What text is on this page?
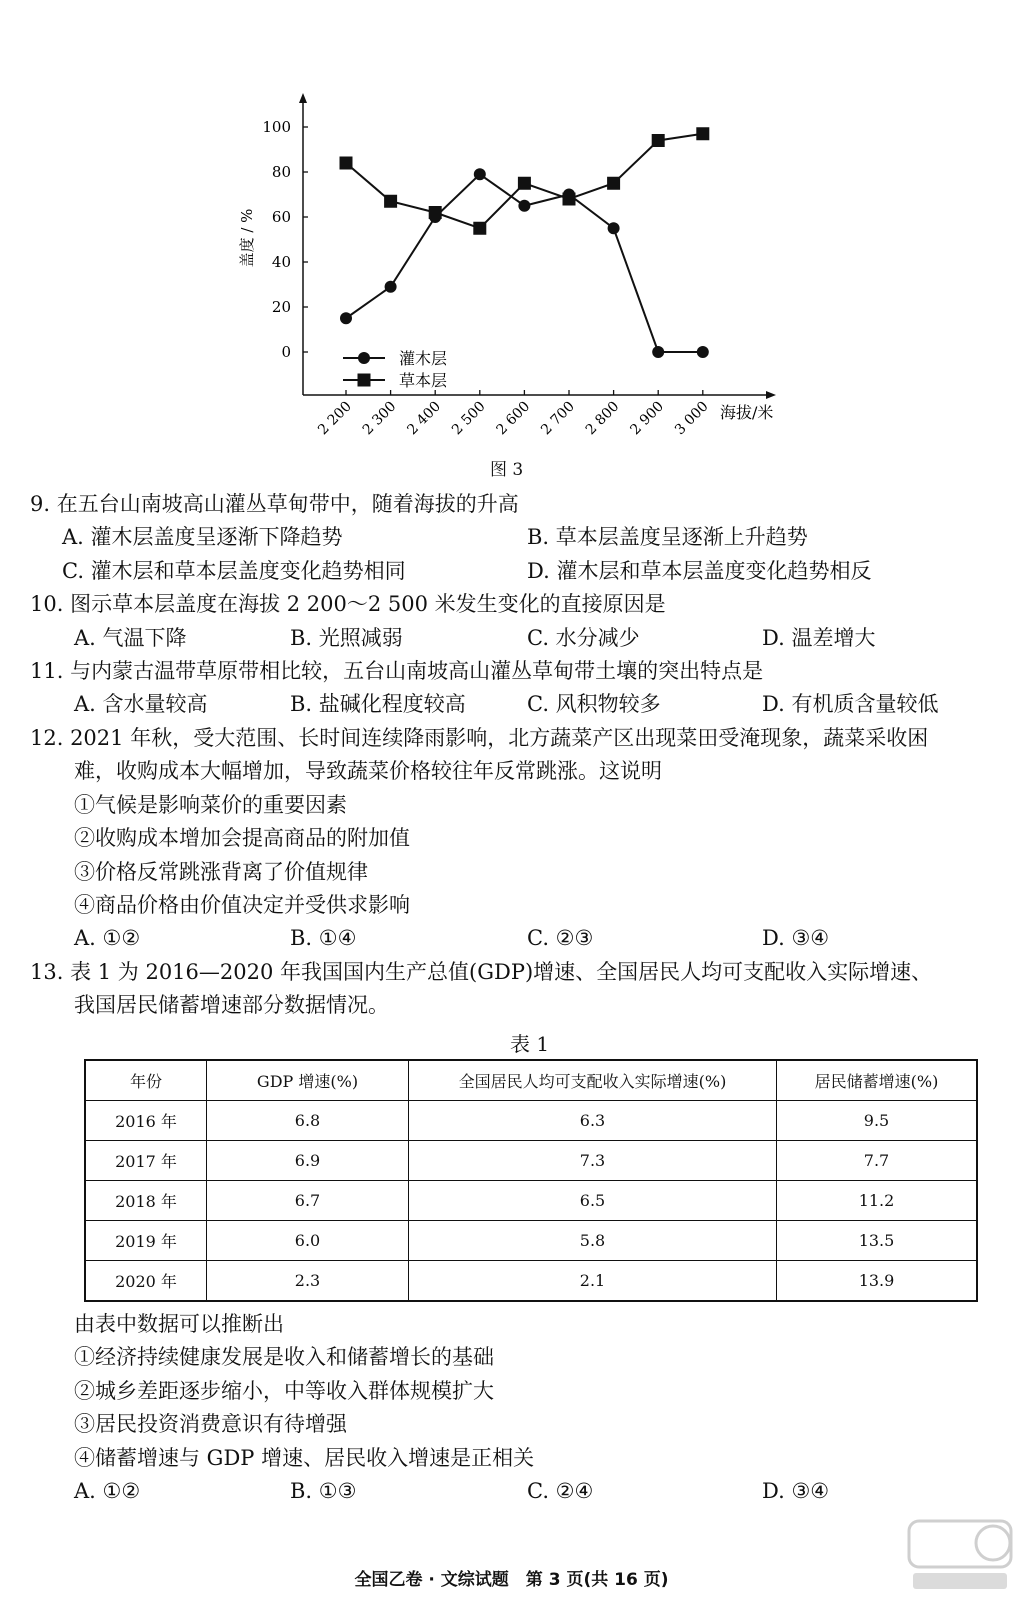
0
20
40
60
80
100
2 200 2 300 2 400 2 500 2 600 2 700 2 800 2 900 3 000
盖度 / %
海拔/米
灌木层
草本层
图 3
9. 在五台山南坡高山灌丛草甸带中，随着海拔的升高
A. 灌木层盖度呈逐渐下降趋势	B. 草本层盖度呈逐渐上升趋势
C. 灌木层和草本层盖度变化趋势相同	D. 灌木层和草本层盖度变化趋势相反
10. 图示草本层盖度在海拔 2 200～2 500 米发生变化的直接原因是
A. 气温下降	B. 光照减弱	C. 水分减少	D. 温差增大
11. 与内蒙古温带草原带相比较，五台山南坡高山灌丛草甸带土壤的突出特点是
A. 含水量较高	B. 盐碱化程度较高	C. 风积物较多	D. 有机质含量较低
12. 2021 年秋，受大范围、长时间连续降雨影响，北方蔬菜产区出现菜田受淹现象，蔬菜采收困
难，收购成本大幅增加，导致蔬菜价格较往年反常跳涨。这说明
①气候是影响菜价的重要因素
②收购成本增加会提高商品的附加值
③价格反常跳涨背离了价值规律
④商品价格由价值决定并受供求影响
A. ①②	B. ①④	C. ②③	D. ③④
13. 表 1 为 2016—2020 年我国国内生产总值(GDP)增速、全国居民人均可支配收入实际增速、
我国居民储蓄增速部分数据情况。
表 1
年份	GDP 增速(%)	全国居民人均可支配收入实际增速(%)	居民储蓄增速(%)
2016 年	6.8	6.3	9.5
2017 年	6.9	7.3	7.7
2018 年	6.7	6.5	11.2
2019 年	6.0	5.8	13.5
2020 年	2.3	2.1	13.9
由表中数据可以推断出
①经济持续健康发展是收入和储蓄增长的基础
②城乡差距逐步缩小，中等收入群体规模扩大
③居民投资消费意识有待增强
④储蓄增速与 GDP 增速、居民收入增速是正相关
A. ①②	B. ①③	C. ②④	D. ③④
全国乙卷 · 文综试题　第 3 页(共 16 页)
